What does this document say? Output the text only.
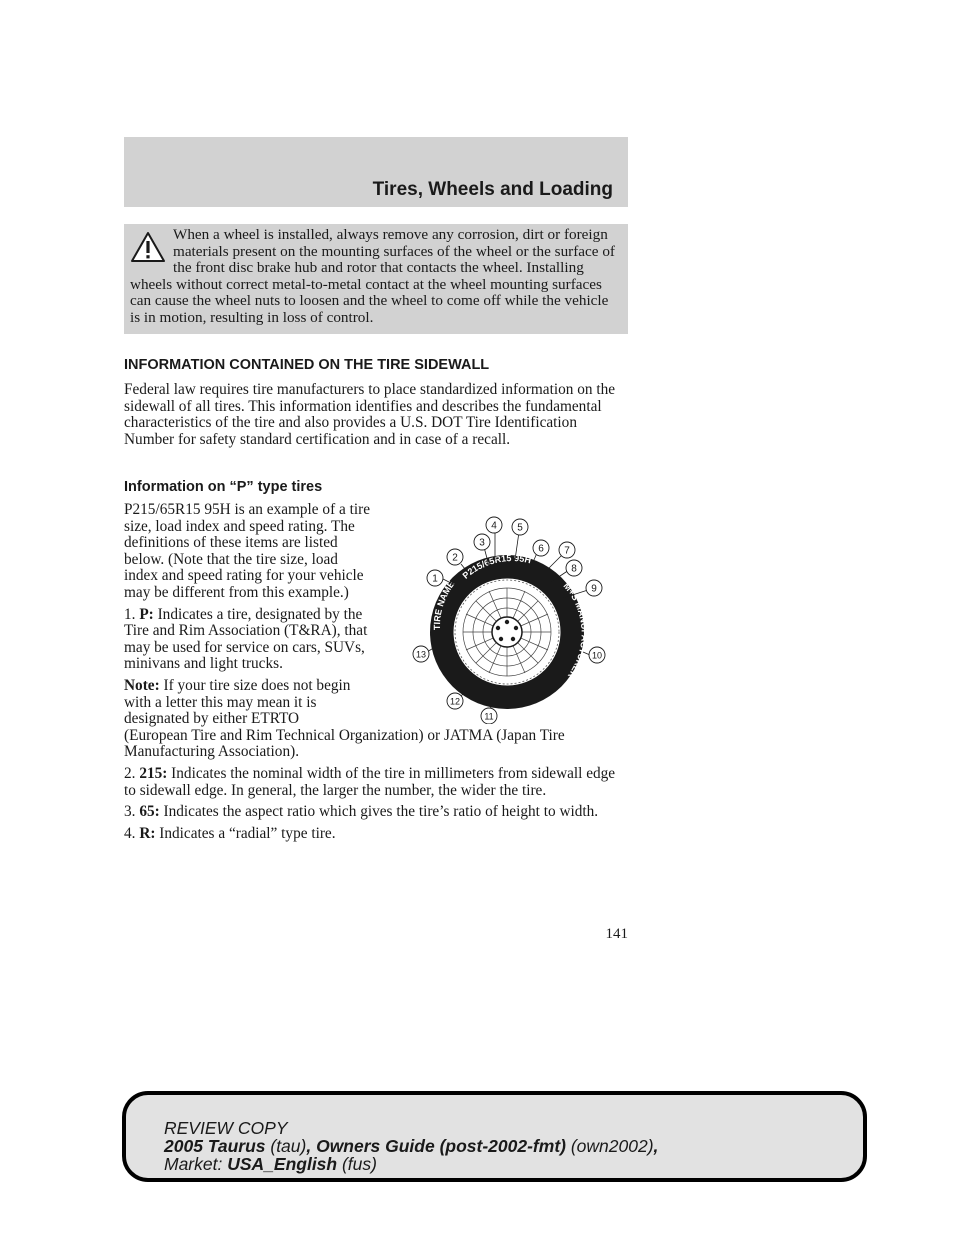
Tires, Wheels and Loading

When a wheel is installed, always remove any corrosion, dirt or foreign materials present on the mounting surfaces of the wheel or the surface of the front disc brake hub and rotor that contacts the wheel. Installing wheels without correct metal-to-metal contact at the wheel mounting surfaces can cause the wheel nuts to loosen and the wheel to come off while the vehicle is in motion, resulting in loss of control.

INFORMATION CONTAINED ON THE TIRE SIDEWALL

Federal law requires tire manufacturers to place standardized information on the sidewall of all tires. This information identifies and describes the fundamental characteristics of the tire and also provides a U.S. DOT Tire Identification Number for safety standard certification and in case of a recall.

Information on “P” type tires

P215/65R15 95H is an example of a tire size, load index and speed rating. The definitions of these items are listed below. (Note that the tire size, load index and speed rating for your vehicle may be different from this example.)

1. P: Indicates a tire, designated by the Tire and Rim Association (T&RA), that may be used for service on cars, SUVs, minivans and light trucks.

Note: If your tire size does not begin with a letter this may mean it is designated by either ETRTO
(European Tire and Rim Technical Organization) or JATMA (Japan Tire Manufacturing Association).

2. 215: Indicates the nominal width of the tire in millimeters from sidewall edge to sidewall edge. In general, the larger the number, the wider the tire.

3. 65: Indicates the aspect ratio which gives the tire’s ratio of height to width.

4. R: Indicates a “radial” type tire.

TIRE NAME
P215/65R15 95H
M+S MANUFACTURER
1
2
3
4 5
6 7
8
9
10
11
12
13

141

REVIEW COPY
2005 Taurus (tau), Owners Guide (post-2002-fmt) (own2002),
Market: USA_English (fus)
